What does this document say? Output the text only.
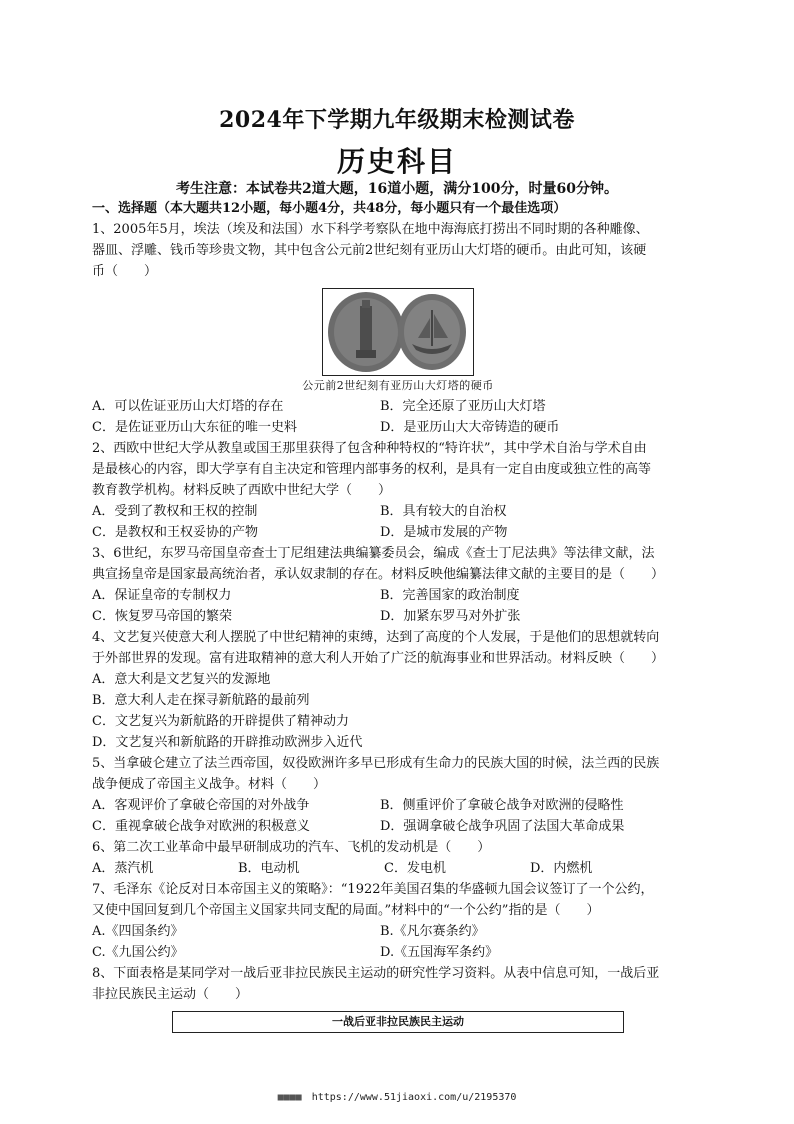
2024年下学期九年级期末检测试卷
历史科目
考生注意：本试卷共2道大题，16道小题，满分100分，时量60分钟。
一、选择题（本大题共12小题，每小题4分，共48分，每小题只有一个最佳选项）
1、2005年5月，埃法（埃及和法国）水下科学考察队在地中海海底打捞出不同时期的各种雕像、
器皿、浮雕、钱币等珍贵文物，其中包含公元前2世纪刻有亚历山大灯塔的硬币。由此可知，该硬
币（　　）
公元前2世纪刻有亚历山大灯塔的硬币
A．可以佐证亚历山大灯塔的存在	B．完全还原了亚历山大灯塔
C．是佐证亚历山大东征的唯一史料	D．是亚历山大大帝铸造的硬币
2、西欧中世纪大学从教皇或国王那里获得了包含种种特权的“特许状”，其中学术自治与学术自由
是最核心的内容，即大学享有自主决定和管理内部事务的权利，是具有一定自由度或独立性的高等
教育教学机构。材料反映了西欧中世纪大学（　　）
A．受到了教权和王权的控制	B．具有较大的自治权
C．是教权和王权妥协的产物	D．是城市发展的产物
3、6世纪，东罗马帝国皇帝查士丁尼组建法典编纂委员会，编成《查士丁尼法典》等法律文献，法
典宣扬皇帝是国家最高统治者，承认奴隶制的存在。材料反映他编纂法律文献的主要目的是（　　）
A．保证皇帝的专制权力	B．完善国家的政治制度
C．恢复罗马帝国的繁荣	D．加紧东罗马对外扩张
4、文艺复兴使意大利人摆脱了中世纪精神的束缚，达到了高度的个人发展，于是他们的思想就转向
于外部世界的发现。富有进取精神的意大利人开始了广泛的航海事业和世界活动。材料反映（　　）
A．意大利是文艺复兴的发源地
B．意大利人走在探寻新航路的最前列
C．文艺复兴为新航路的开辟提供了精神动力
D．文艺复兴和新航路的开辟推动欧洲步入近代
5、当拿破仑建立了法兰西帝国，奴役欧洲许多早已形成有生命力的民族大国的时候，法兰西的民族
战争便成了帝国主义战争。材料（　　）
A．客观评价了拿破仑帝国的对外战争	B．侧重评价了拿破仑战争对欧洲的侵略性
C．重视拿破仑战争对欧洲的积极意义	D．强调拿破仑战争巩固了法国大革命成果
6、第二次工业革命中最早研制成功的汽车、飞机的发动机是（　　）
A．蒸汽机	B．电动机	C．发电机	D．内燃机
7、毛泽东《论反对日本帝国主义的策略》：“1922年美国召集的华盛顿九国会议签订了一个公约，
又使中国回复到几个帝国主义国家共同支配的局面。”材料中的“一个公约”指的是（　　）
A.《四国条约》	B.《凡尔赛条约》
C.《九国公约》	D.《五国海军条约》
8、下面表格是某同学对一战后亚非拉民族民主运动的研究性学习资料。从表中信息可知，一战后亚
非拉民族民主运动（　　）
一战后亚非拉民族民主运动
■■■■ https://www.51jiaoxi.com/u/2195370
